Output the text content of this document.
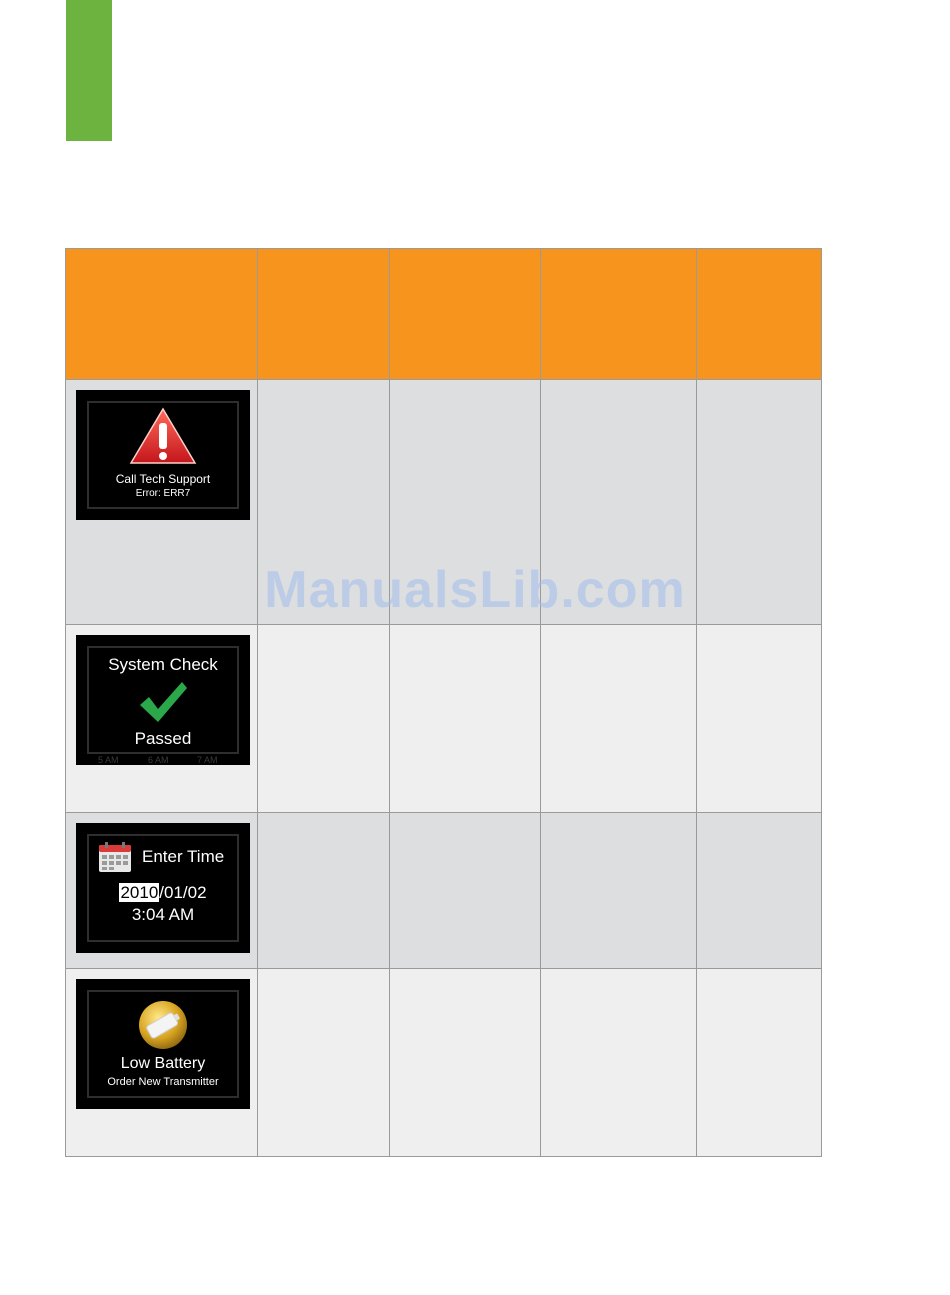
Call Tech Support
Error: ERR7				

5 AM 6 AM 7 AM
System Check
Passed				

Enter Time
2010/01/02
3:04 AM				

Low Battery
Order New Transmitter				

ManualsLib.com
